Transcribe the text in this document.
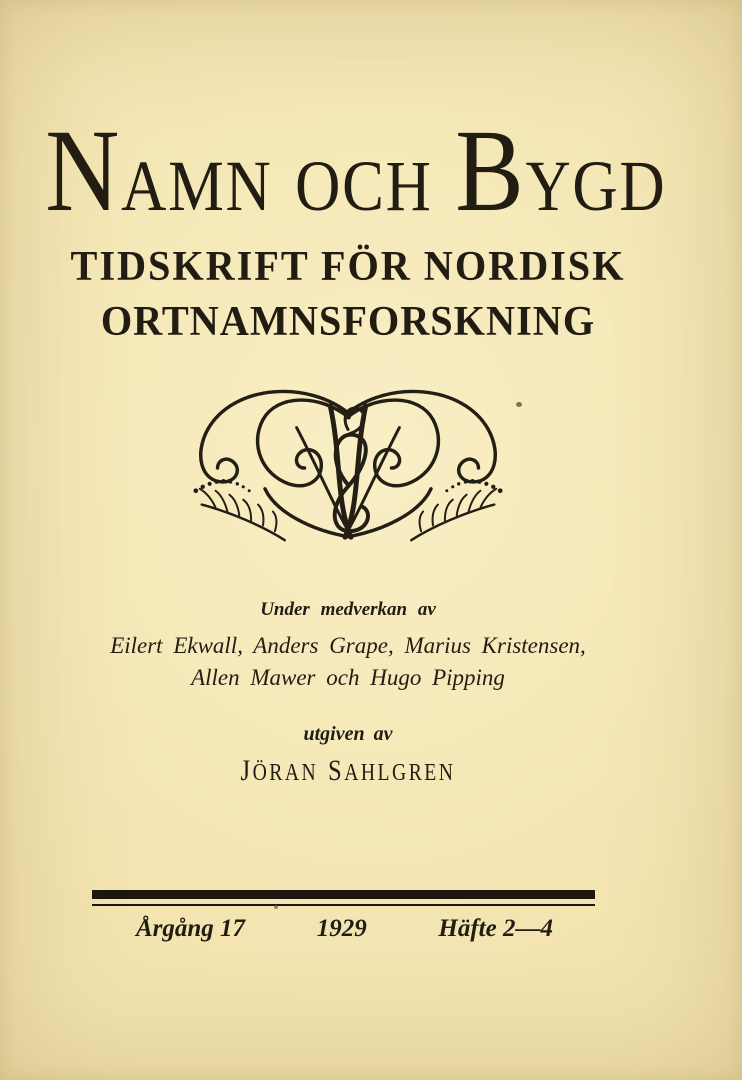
NAMN OCH BYGD
TIDSKRIFT FÖR NORDISK
ORTNAMNSFORSKNING
Under medverkan av
Eilert Ekwall, Anders Grape, Marius Kristensen,
Allen Mawer och Hugo Pipping
utgiven av
JÖRAN SAHLGREN
Årgång 17	1929	Häfte 2—4
